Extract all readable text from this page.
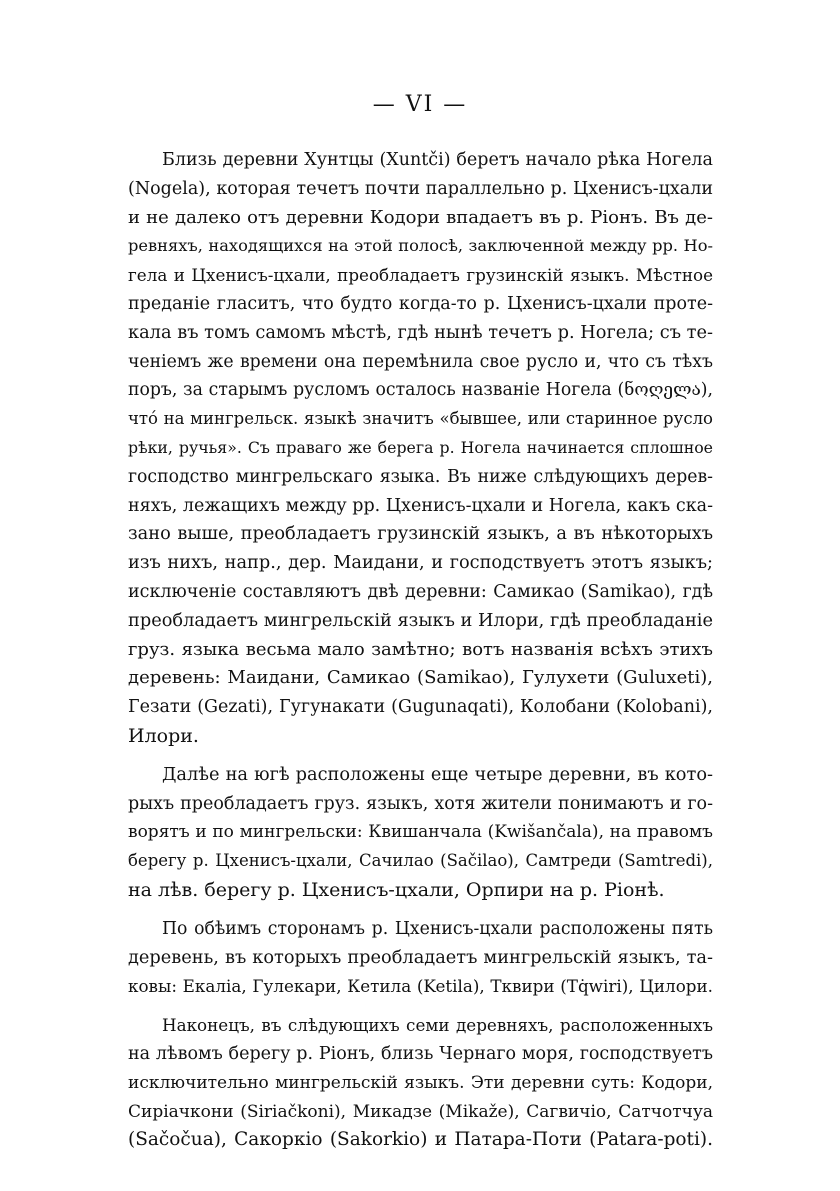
— VI —
Близь деревни Хунтцы (Xuntči) беретъ начало рѣка Ногела
(Nogela), которая течетъ почти параллельно р. Цхенисъ-цхали
и не далеко отъ деревни Кодори впадаетъ въ р. Ріонъ. Въ де-
ревняхъ, находящихся на этой полосѣ, заключенной между рр. Но-
гела и Цхенисъ-цхали, преобладаетъ грузинскій языкъ. Мѣстное
преданіе гласитъ, что будто когда-то р. Цхенисъ-цхали проте-
кала въ томъ самомъ мѣстѣ, гдѣ нынѣ течетъ р. Ногела; съ те-
ченіемъ же времени она перемѣнила свое русло и, что съ тѣхъ
поръ, за старымъ русломъ осталось названіе Ногела (ნოღელა),
чтó на мингрельск. языкѣ значитъ «бывшее, или старинное русло
рѣки, ручья». Съ праваго же берега р. Ногела начинается сплошное
господство мингрельскаго языка. Въ ниже слѣдующихъ дерев-
няхъ, лежащихъ между рр. Цхенисъ-цхали и Ногела, какъ ска-
зано выше, преобладаетъ грузинскій языкъ, а въ нѣкоторыхъ
изъ нихъ, напр., дер. Маидани, и господствуетъ этотъ языкъ;
исключеніе составляютъ двѣ деревни: Самикао (Samikao), гдѣ
преобладаетъ мингрельскій языкъ и Илори, гдѣ преобладаніе
груз. языка весьма мало замѣтно; вотъ названія всѣхъ этихъ
деревень: Маидани, Самикао (Samikao), Гулухети (Guluxeti),
Гезати (Gezati), Гугунакати (Gugunaqati), Колобани (Kolobani),
Илори.
Далѣе на югѣ расположены еще четыре деревни, въ кото-
рыхъ преобладаетъ груз. языкъ, хотя жители понимаютъ и го-
ворятъ и по мингрельски: Квишанчала (Kwišančala), на правомъ
берегу р. Цхенисъ-цхали, Сачилао (Sačilao), Самтреди (Samtredi),
на лѣв. берегу р. Цхенисъ-цхали, Орпири на р. Ріонѣ.
По обѣимъ сторонамъ р. Цхенисъ-цхали расположены пять
деревень, въ которыхъ преобладаетъ мингрельскій языкъ, та-
ковы: Екаліа, Гулекари, Кетила (Ketila), Тквири (Tq̇wiri), Цилори.
Наконецъ, въ слѣдующихъ семи деревняхъ, расположенныхъ
на лѣвомъ берегу р. Ріонъ, близь Чернаго моря, господствуетъ
исключительно мингрельскій языкъ. Эти деревни суть: Кодори,
Сиріачкони (Siriačkoni), Микадзе (Mikaže), Сагвичіо, Сатчотчуа
(Sačočua), Сакоркіо (Sakorkio) и Патара-Поти (Patara-poti).
